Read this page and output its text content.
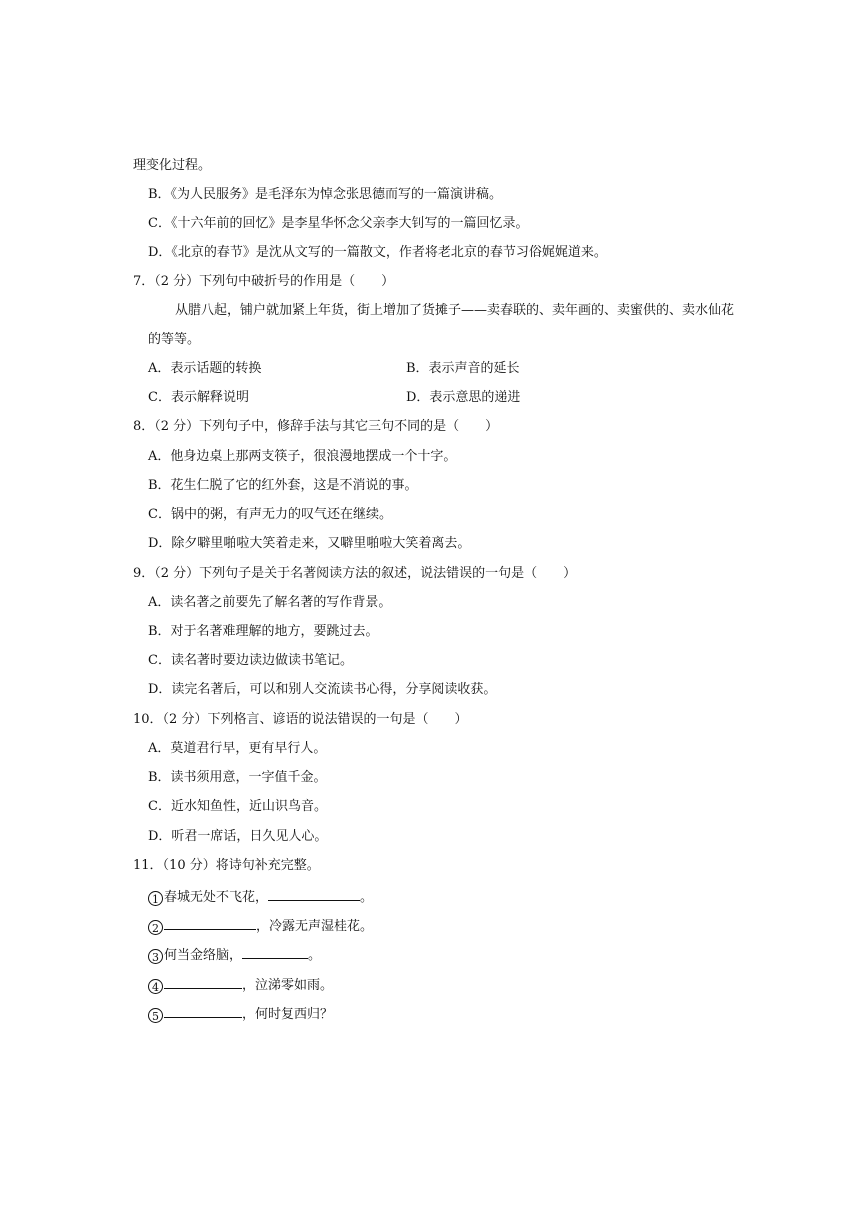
理变化过程。
B．《为人民服务》是毛泽东为悼念张思德而写的一篇演讲稿。
C．《十六年前的回忆》是李星华怀念父亲李大钊写的一篇回忆录。
D．《北京的春节》是沈从文写的一篇散文，作者将老北京的春节习俗娓娓道来。
7．（2 分）下列句中破折号的作用是（　　）
从腊八起，铺户就加紧上年货，街上增加了货摊子——卖春联的、卖年画的、卖蜜供的、卖水仙花
的等等。
A．表示话题的转换	B．表示声音的延长
C．表示解释说明	D．表示意思的递进
8．（2 分）下列句子中，修辞手法与其它三句不同的是（　　）
A．他身边桌上那两支筷子，很浪漫地摆成一个十字。
B．花生仁脱了它的红外套，这是不消说的事。
C．锅中的粥，有声无力的叹气还在继续。
D．除夕噼里啪啦大笑着走来，又噼里啪啦大笑着离去。
9．（2 分）下列句子是关于名著阅读方法的叙述，说法错误的一句是（　　）
A．读名著之前要先了解名著的写作背景。
B．对于名著难理解的地方，要跳过去。
C．读名著时要边读边做读书笔记。
D．读完名著后，可以和别人交流读书心得，分享阅读收获。
10．（2 分）下列格言、谚语的说法错误的一句是（　　）
A．莫道君行早，更有早行人。
B．读书须用意，一字值千金。
C．近水知鱼性，近山识鸟音。
D．听君一席话，日久见人心。
11．（10 分）将诗句补充完整。
1 春城无处不飞花，	。
2	，冷露无声湿桂花。
3 何当金络脑，	。
4	，泣涕零如雨。
5	，何时复西归？
